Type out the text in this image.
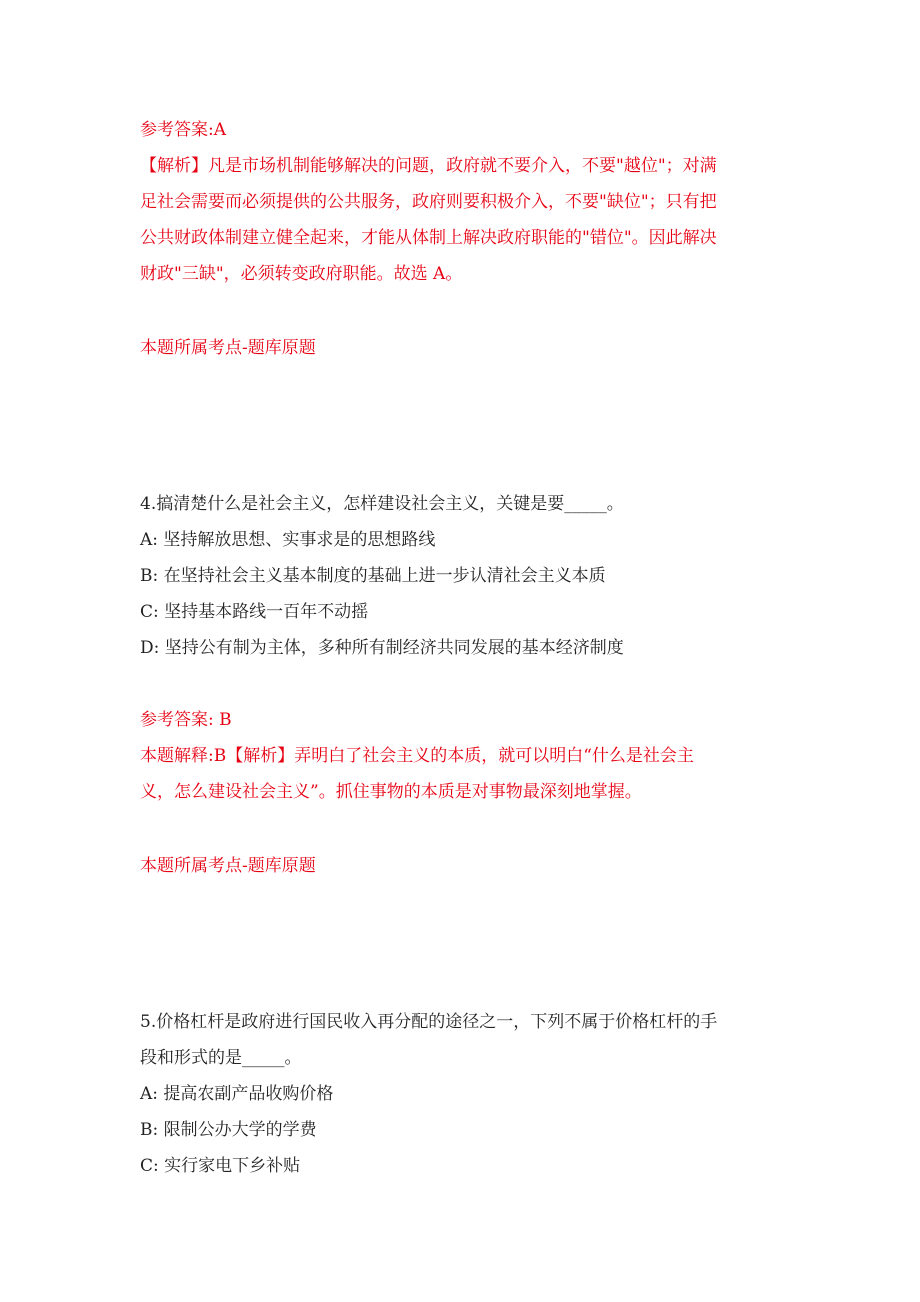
参考答案:A
【解析】凡是市场机制能够解决的问题，政府就不要介入，不要"越位"；对满
足社会需要而必须提供的公共服务，政府则要积极介入，不要"缺位"；只有把
公共财政体制建立健全起来，才能从体制上解决政府职能的"错位"。因此解决
财政"三缺"，必须转变政府职能。故选 A。
本题所属考点-题库原题
4.搞清楚什么是社会主义，怎样建设社会主义，关键是要_____。
A: 坚持解放思想、实事求是的思想路线
B: 在坚持社会主义基本制度的基础上进一步认清社会主义本质
C: 坚持基本路线一百年不动摇
D: 坚持公有制为主体，多种所有制经济共同发展的基本经济制度
参考答案: B
本题解释:B【解析】弄明白了社会主义的本质，就可以明白“什么是社会主
义，怎么建设社会主义”。抓住事物的本质是对事物最深刻地掌握。
本题所属考点-题库原题
5.价格杠杆是政府进行国民收入再分配的途径之一，下列不属于价格杠杆的手
段和形式的是_____。
A: 提高农副产品收购价格
B: 限制公办大学的学费
C: 实行家电下乡补贴
